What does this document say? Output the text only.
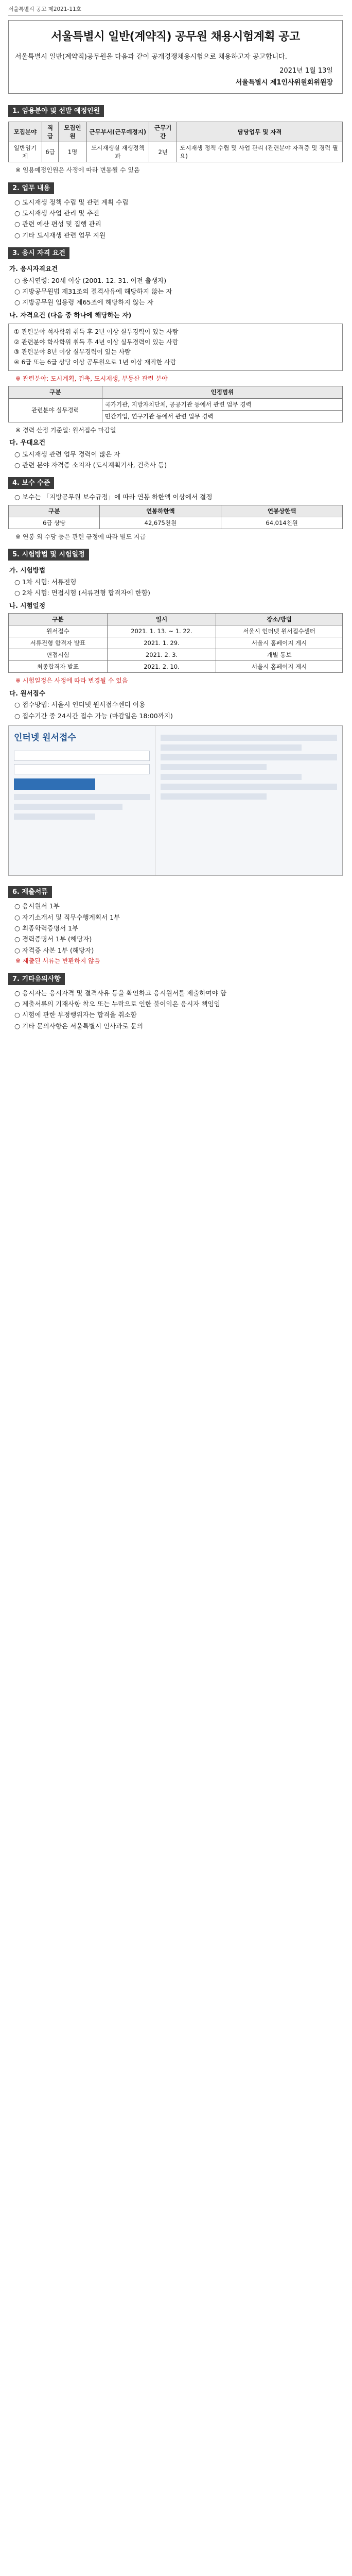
서울특별시 공고 제2021-11호
서울특별시 일반(계약직) 공무원 채용시험계획 공고

서울특별시 일반(계약직)공무원을 다음과 같이 공개경쟁채용시험으로 채용하고자 공고합니다.

2021년 1월 13일
서울특별시 제1인사위원회위원장
1. 임용분야 및 선발 예정인원
모집분야	직급	모집인원	근무부서(근무예정지)	근무기간	담당업무 및 자격
일반임기제	6급	1명	도시재생실 재생정책과	2년	도시재생 정책 수립 및 사업 관리 (관련분야 자격증 및 경력 필요)
※ 임용예정인원은 사정에 따라 변동될 수 있음
2. 업무 내용
○ 도시재생 정책 수립 및 관련 계획 수립
○ 도시재생 사업 관리 및 추진
○ 관련 예산 편성 및 집행 관리
○ 기타 도시재생 관련 업무 지원
3. 응시 자격 요건
가. 응시자격요건
○ 응시연령: 20세 이상 (2001. 12. 31. 이전 출생자)
○ 지방공무원법 제31조의 결격사유에 해당하지 않는 자
○ 지방공무원 임용령 제65조에 해당하지 않는 자
나. 자격요건 (다음 중 하나에 해당하는 자)
① 관련분야 석사학위 취득 후 2년 이상 실무경력이 있는 사람
② 관련분야 학사학위 취득 후 4년 이상 실무경력이 있는 사람
③ 관련분야 8년 이상 실무경력이 있는 사람
④ 6급 또는 6급 상당 이상 공무원으로 1년 이상 재직한 사람
※ 관련분야: 도시계획, 건축, 도시재생, 부동산 관련 분야
구분	인정범위
관련분야 실무경력	국가기관, 지방자치단체, 공공기관 등에서 관련 업무 경력
	민간기업, 연구기관 등에서 관련 업무 경력
※ 경력 산정 기준일: 원서접수 마감일
다. 우대요건
○ 도시재생 관련 업무 경력이 많은 자
○ 관련 분야 자격증 소지자 (도시계획기사, 건축사 등)
4. 보수 수준
○ 보수는 「지방공무원 보수규정」에 따라 연봉 하한액 이상에서 결정
구분	연봉하한액	연봉상한액
6급 상당	42,675천원	64,014천원
※ 연봉 외 수당 등은 관련 규정에 따라 별도 지급
5. 시험방법 및 시험일정
가. 시험방법
○ 1차 시험: 서류전형
○ 2차 시험: 면접시험 (서류전형 합격자에 한함)
나. 시험일정
구분	일시	장소/방법
원서접수	2021. 1. 13. ~ 1. 22.	서울시 인터넷 원서접수센터
서류전형 합격자 발표	2021. 1. 29.	서울시 홈페이지 게시
면접시험	2021. 2. 3.	개별 통보
최종합격자 발표	2021. 2. 10.	서울시 홈페이지 게시
※ 시험일정은 사정에 따라 변경될 수 있음
다. 원서접수
○ 접수방법: 서울시 인터넷 원서접수센터 이용
○ 접수기간 중 24시간 접수 가능 (마감일은 18:00까지)
인터넷 원서접수
6. 제출서류
○ 응시원서 1부
○ 자기소개서 및 직무수행계획서 1부
○ 최종학력증명서 1부
○ 경력증명서 1부 (해당자)
○ 자격증 사본 1부 (해당자)
※ 제출된 서류는 반환하지 않음
7. 기타유의사항
○ 응시자는 응시자격 및 결격사유 등을 확인하고 응시원서를 제출하여야 함
○ 제출서류의 기재사항 착오 또는 누락으로 인한 불이익은 응시자 책임임
○ 시험에 관한 부정행위자는 합격을 취소함
○ 기타 문의사항은 서울특별시 인사과로 문의
